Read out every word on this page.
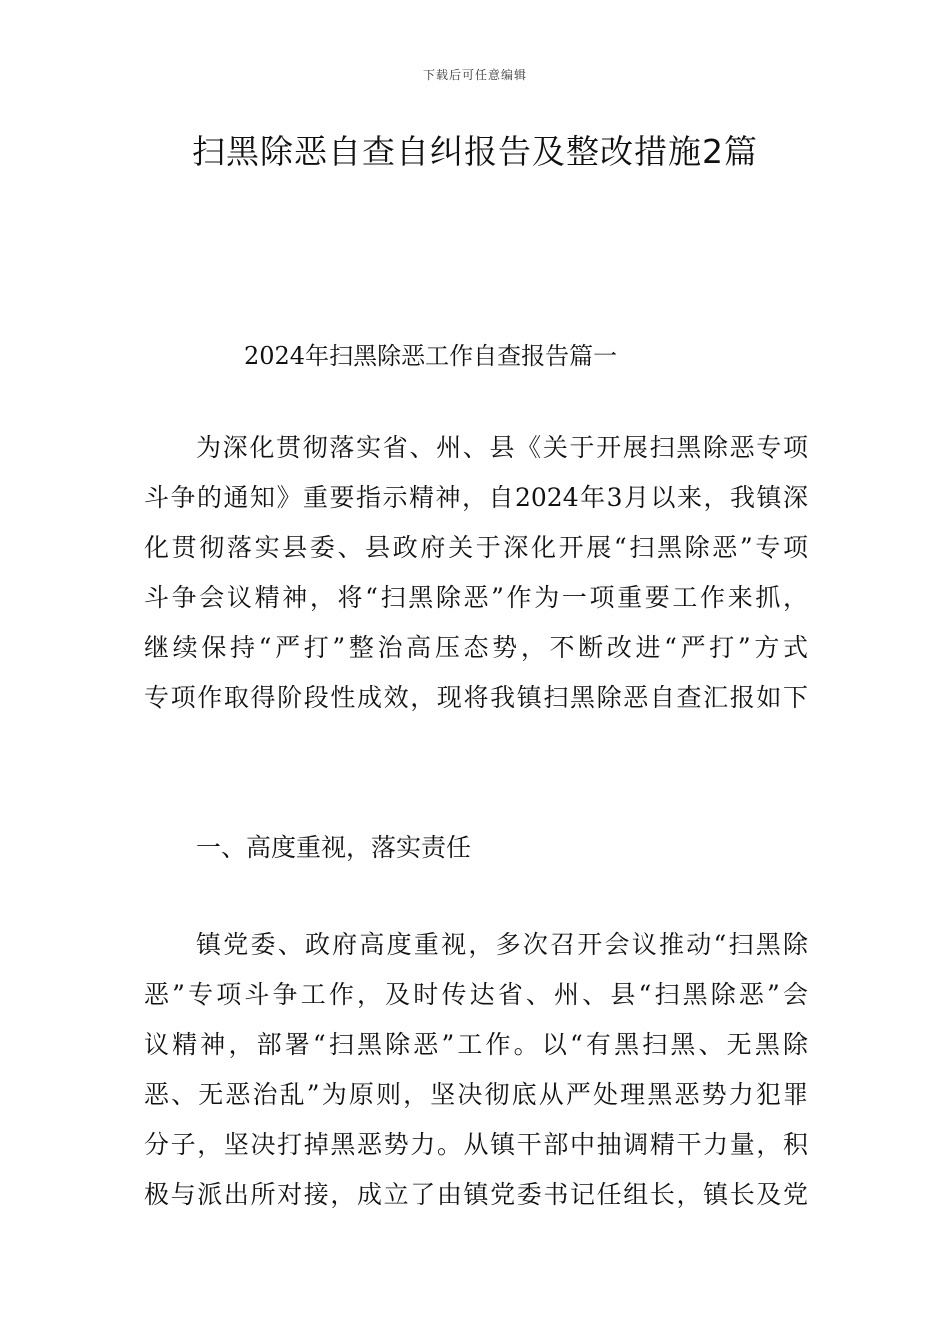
下载后可任意编辑
扫黑除恶自查自纠报告及整改措施2篇
2024年扫黑除恶工作自查报告篇一

为深化贯彻落实省、州、县《关于开展扫黑除恶专项
斗争的通知》重要指示精神，自2024年3月以来，我镇深
化贯彻落实县委、县政府关于深化开展“扫黑除恶”专项
斗争会议精神，将“扫黑除恶”作为一项重要工作来抓，
继续保持“严打”整治高压态势，不断改进“严打”方式
专项作取得阶段性成效，现将我镇扫黑除恶自查汇报如下

一、高度重视，落实责任

镇党委、政府高度重视，多次召开会议推动“扫黑除
恶”专项斗争工作，及时传达省、州、县“扫黑除恶”会
议精神，部署“扫黑除恶”工作。以“有黑扫黑、无黑除
恶、无恶治乱”为原则，坚决彻底从严处理黑恶势力犯罪
分子，坚决打掉黑恶势力。从镇干部中抽调精干力量，积
极与派出所对接，成立了由镇党委书记任组长，镇长及党
